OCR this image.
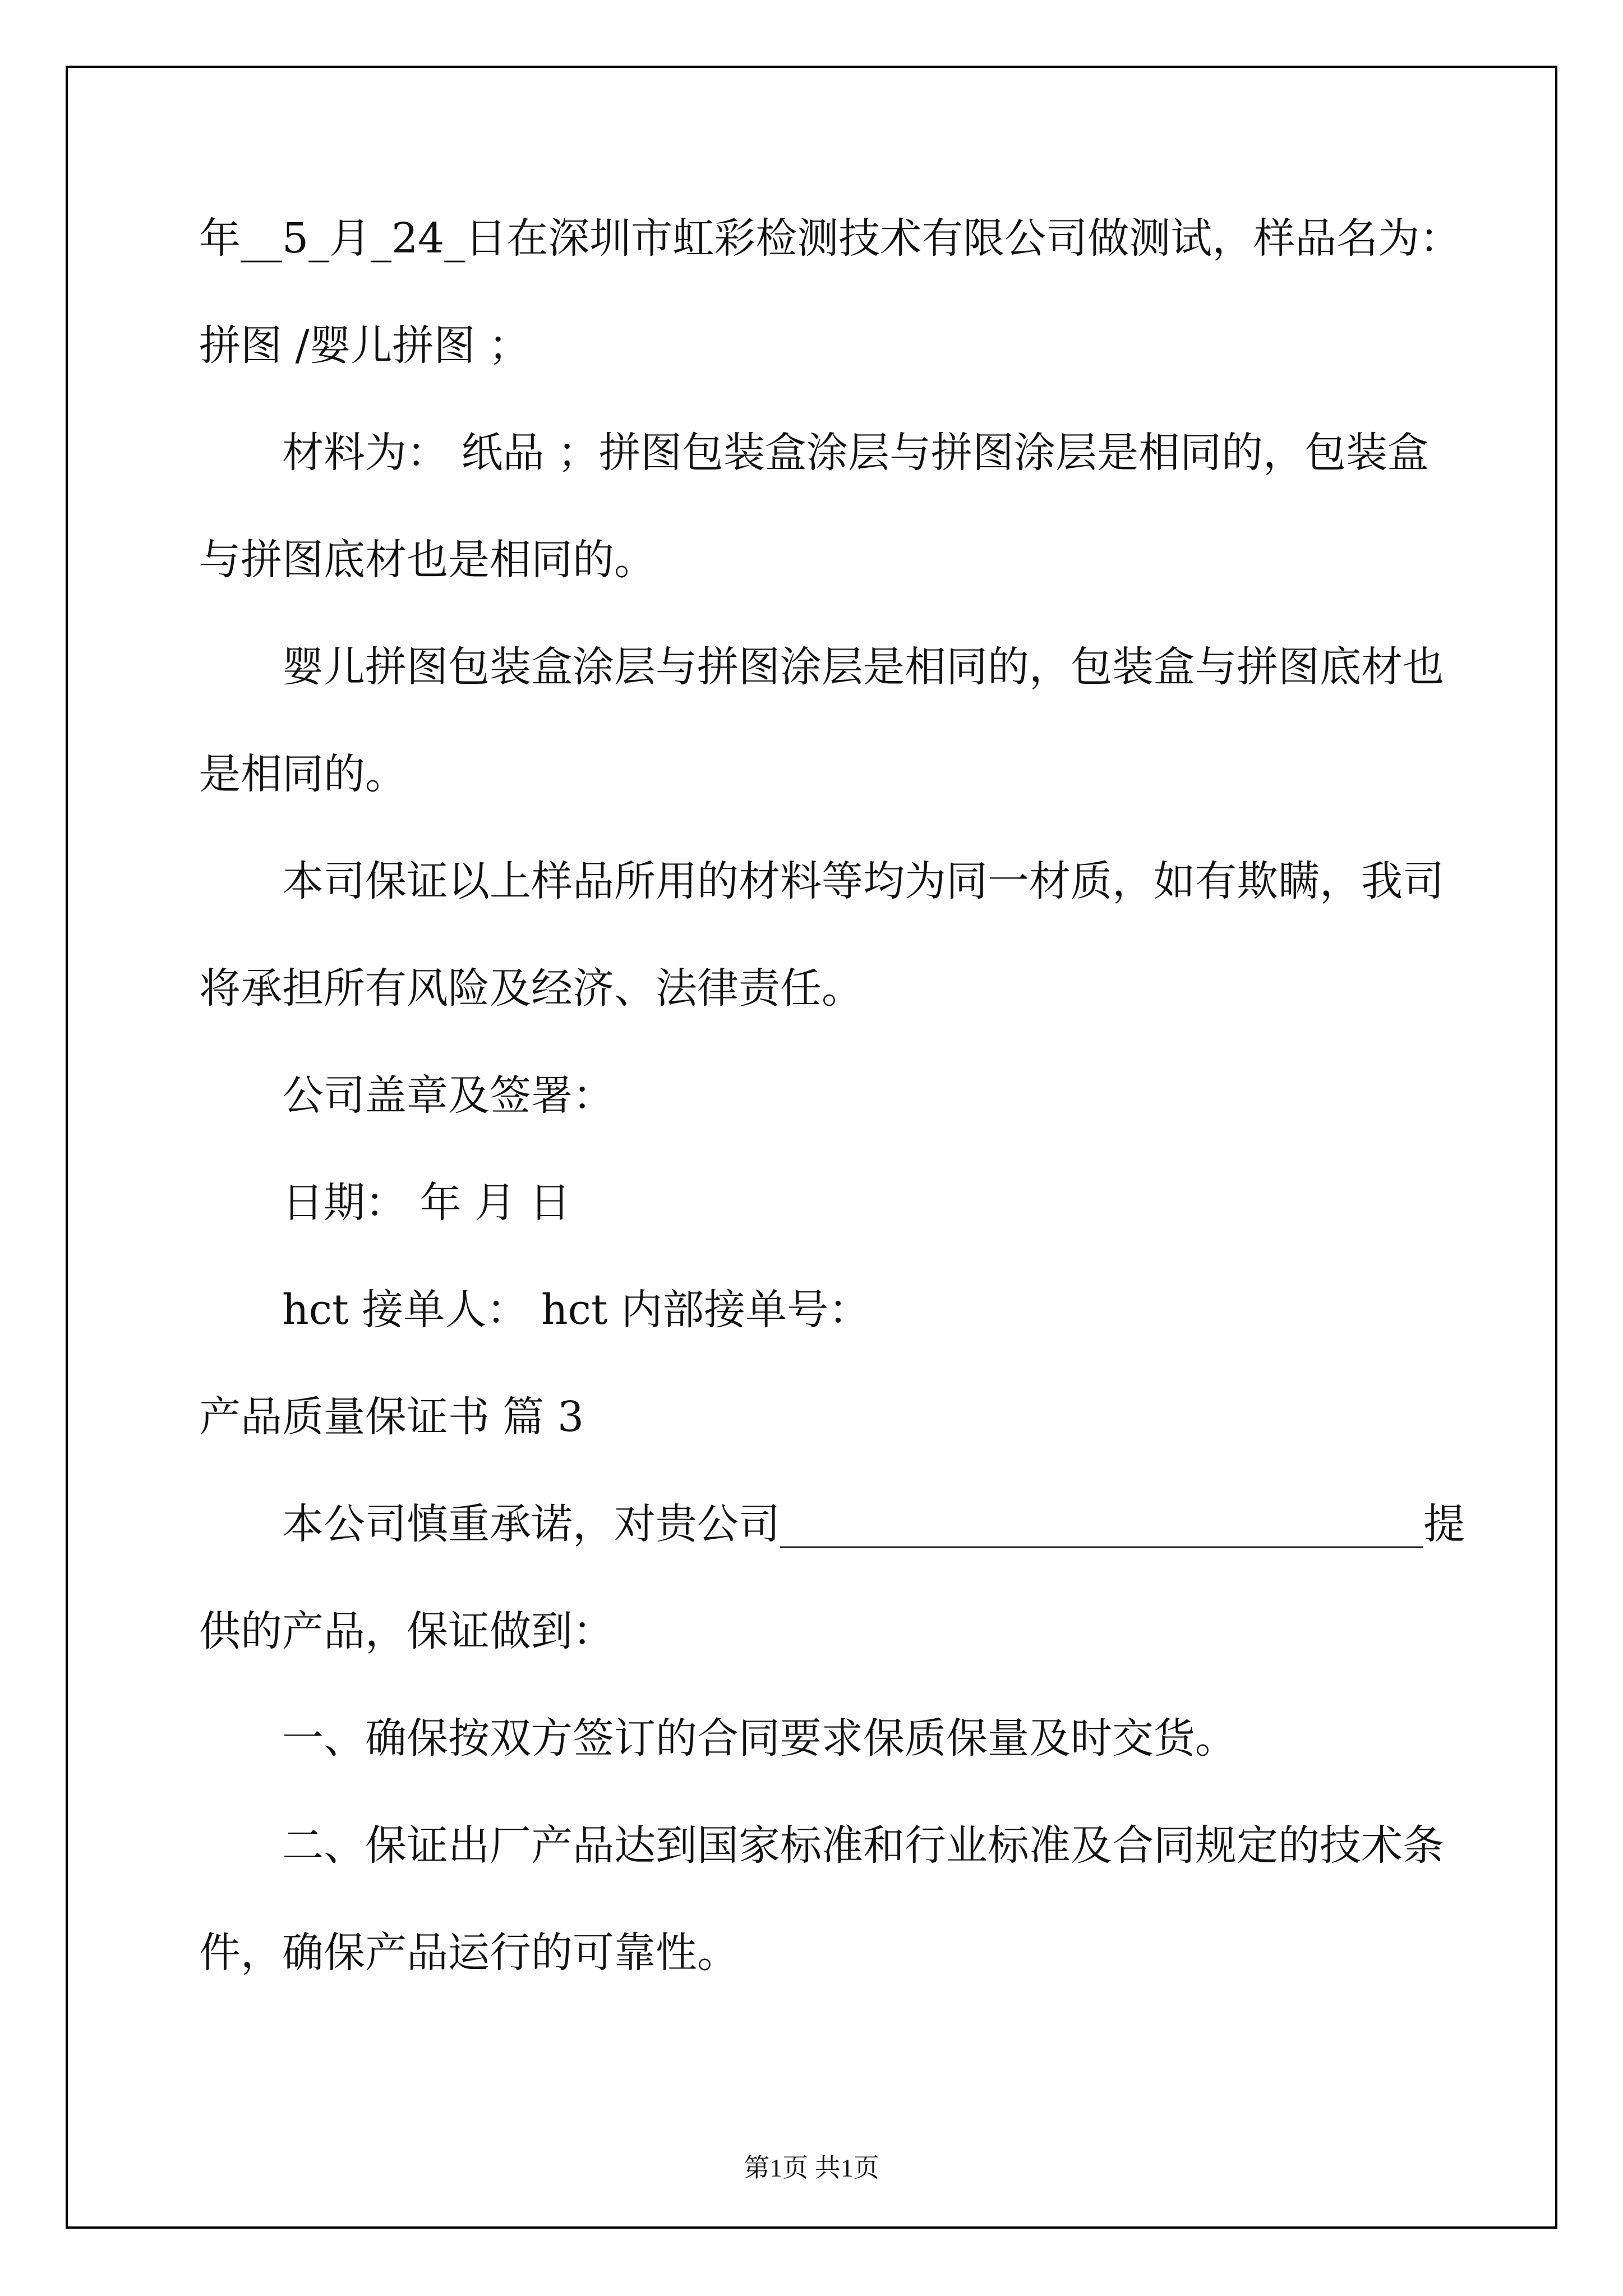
年__5_月_24_日在深圳市虹彩检测技术有限公司做测试，样品名为：
拼图 /婴儿拼图 ；
材料为： 纸品 ；拼图包装盒涂层与拼图涂层是相同的，包装盒
与拼图底材也是相同的。
婴儿拼图包装盒涂层与拼图涂层是相同的，包装盒与拼图底材也
是相同的。
本司保证以上样品所用的材料等均为同一材质，如有欺瞒，我司
将承担所有风险及经济、法律责任。
公司盖章及签署：
日期： 年 月 日
hct 接单人： hct 内部接单号：
产品质量保证书 篇 3
本公司慎重承诺，对贵公司_______________________________提
供的产品，保证做到：
一、确保按双方签订的合同要求保质保量及时交货。
二、保证出厂产品达到国家标准和行业标准及合同规定的技术条
件，确保产品运行的可靠性。
第1页 共1页
